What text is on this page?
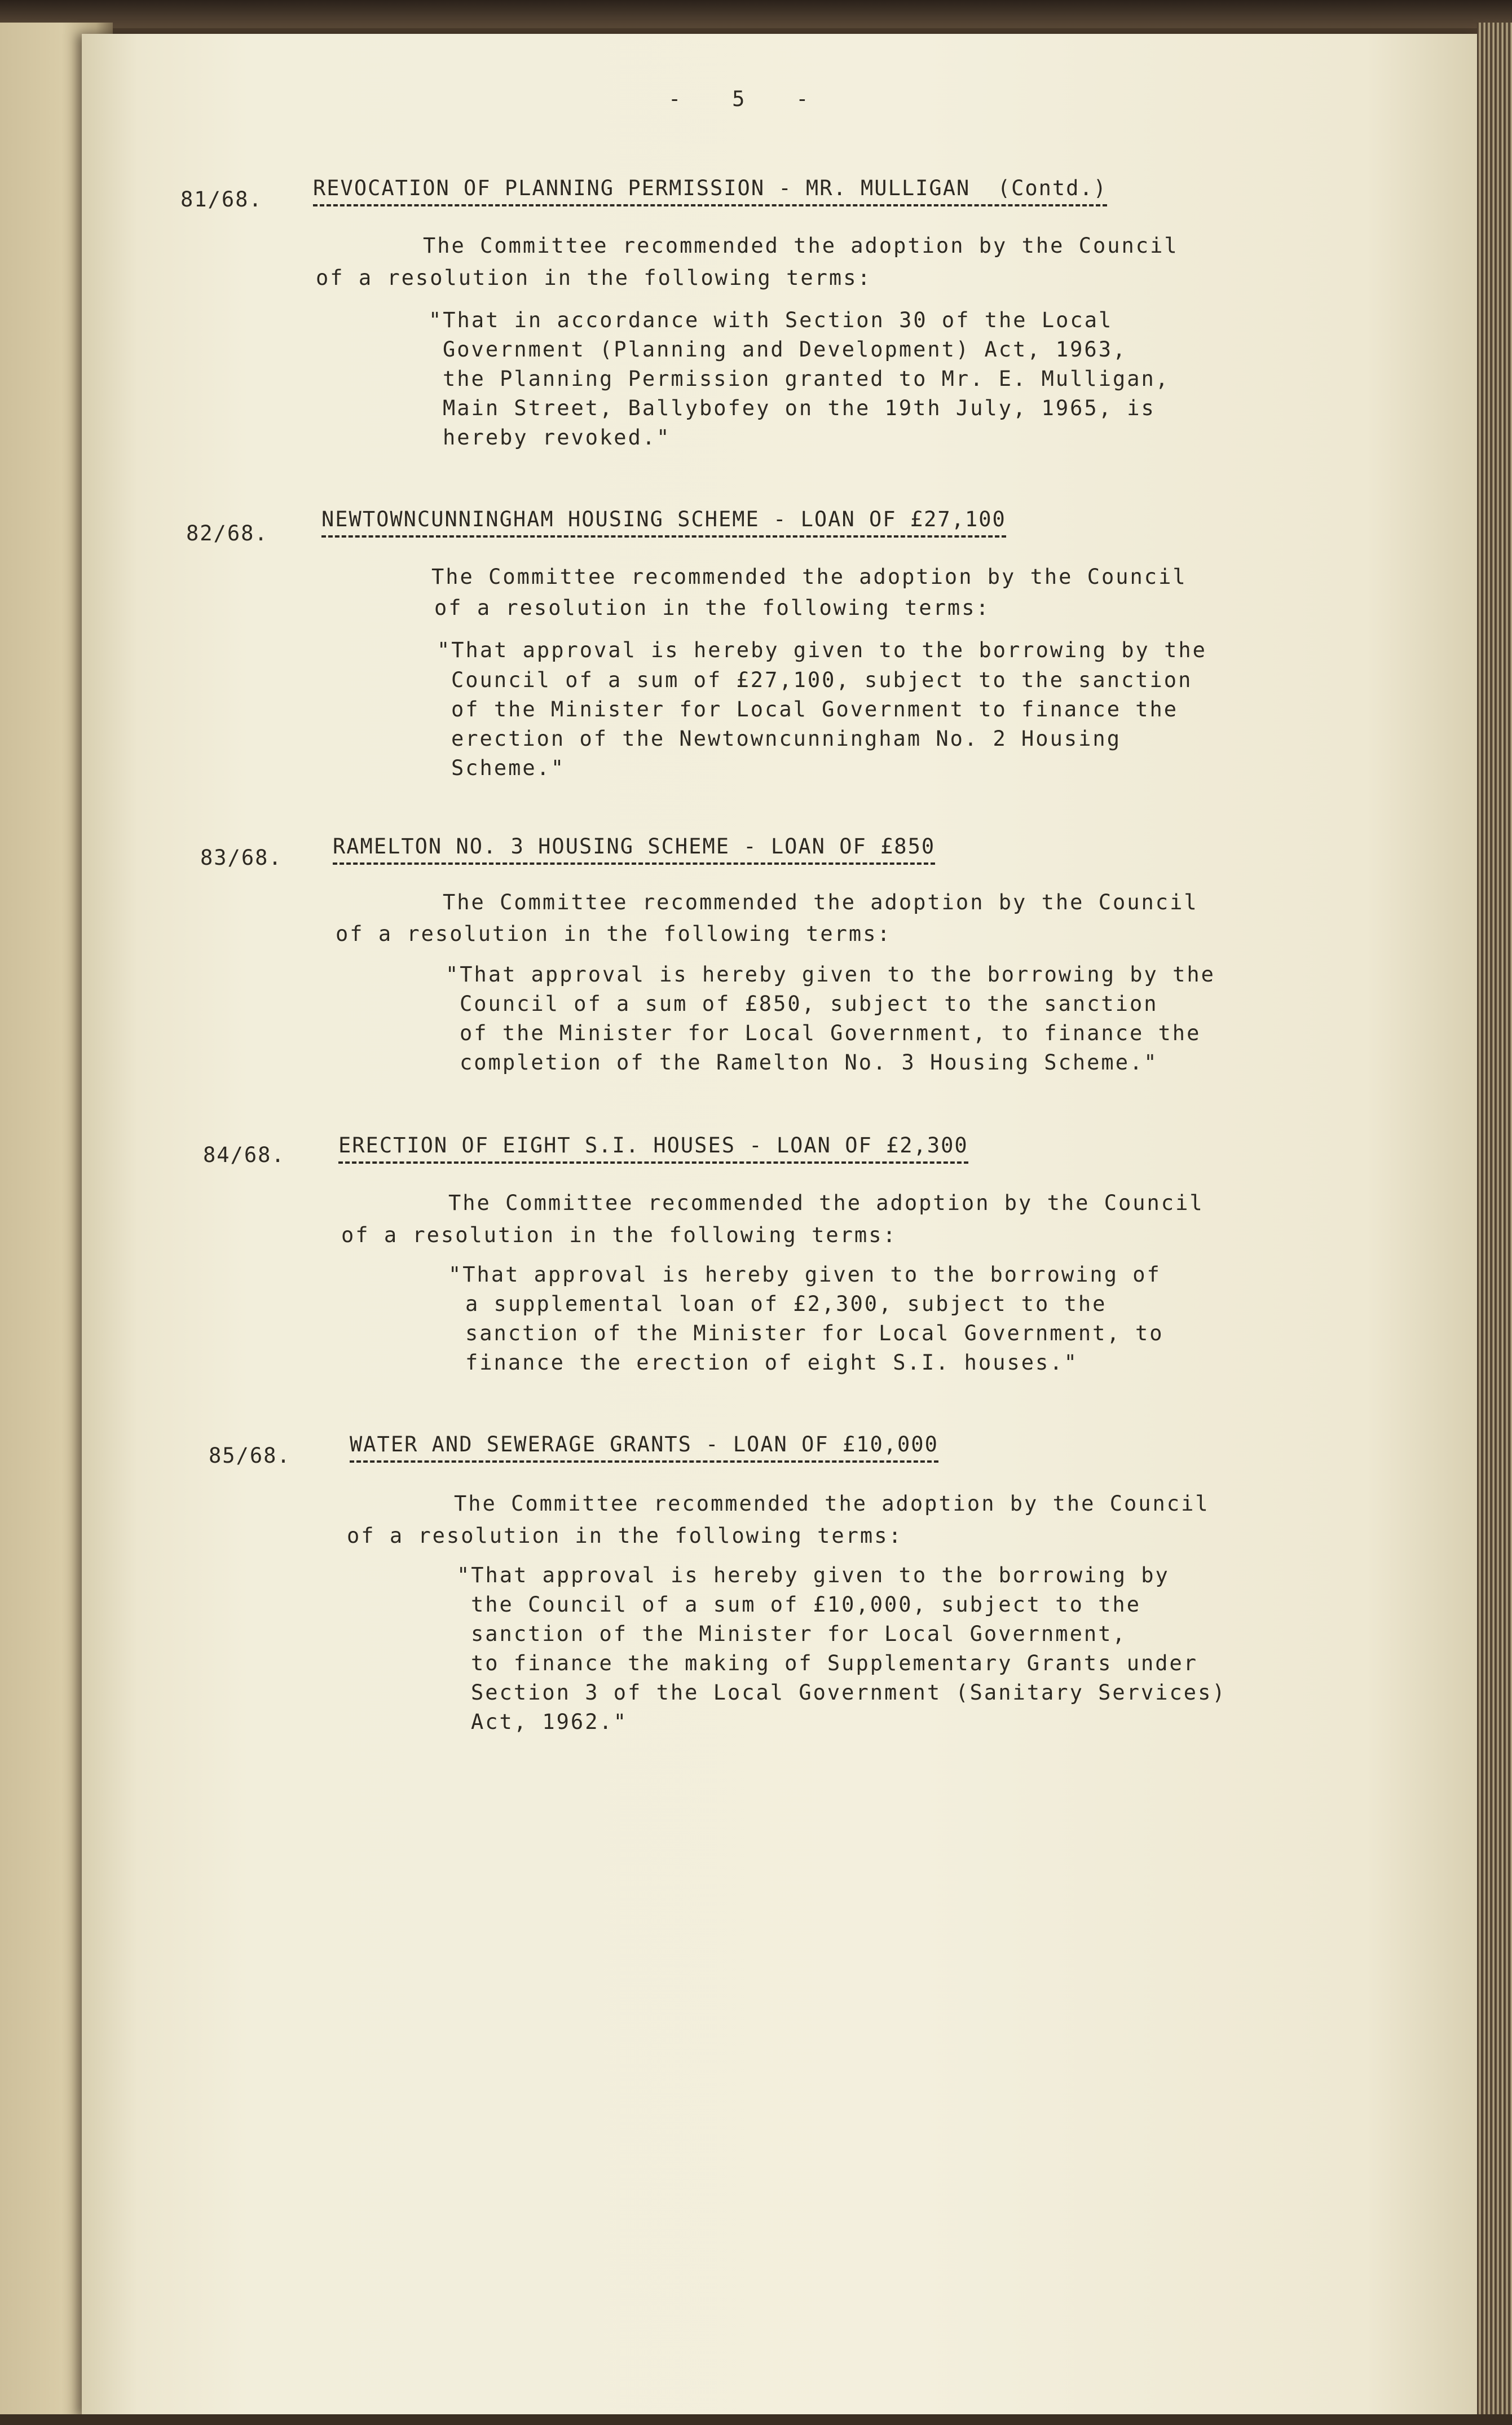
-   5   -
81/68. REVOCATION OF PLANNING PERMISSION - MR. MULLIGAN  (Contd.)
The Committee recommended the adoption by the Council
of a resolution in the following terms:
"That in accordance with Section 30 of the Local
Government (Planning and Development) Act, 1963,
the Planning Permission granted to Mr. E. Mulligan,
Main Street, Ballybofey on the 19th July, 1965, is
hereby revoked."
82/68.
NEWTOWNCUNNINGHAM HOUSING SCHEME - LOAN OF £27,100
The Committee recommended the adoption by the Council
of a resolution in the following terms:
"That approval is hereby given to the borrowing by the
Council of a sum of £27,100, subject to the sanction
of the Minister for Local Government to finance the
erection of the Newtowncunningham No. 2 Housing
Scheme."
83/68. RAMELTON NO. 3 HOUSING SCHEME - LOAN OF £850
The Committee recommended the adoption by the Council
of a resolution in the following terms:
"That approval is hereby given to the borrowing by the
Council of a sum of £850, subject to the sanction
of the Minister for Local Government, to finance the
completion of the Ramelton No. 3 Housing Scheme."
84/68.	ERECTION OF EIGHT S.I. HOUSES - LOAN OF £2,300
The Committee recommended the adoption by the Council
of a resolution in the following terms:
"That approval is hereby given to the borrowing of
a supplemental loan of £2,300, subject to the
sanction of the Minister for Local Government, to
finance the erection of eight S.I. houses."
85/68.	WATER AND SEWERAGE GRANTS - LOAN OF £10,000
The Committee recommended the adoption by the Council
of a resolution in the following terms:
"That approval is hereby given to the borrowing by
the Council of a sum of £10,000, subject to the
sanction of the Minister for Local Government,
to finance the making of Supplementary Grants under
Section 3 of the Local Government (Sanitary Services)
Act, 1962."
